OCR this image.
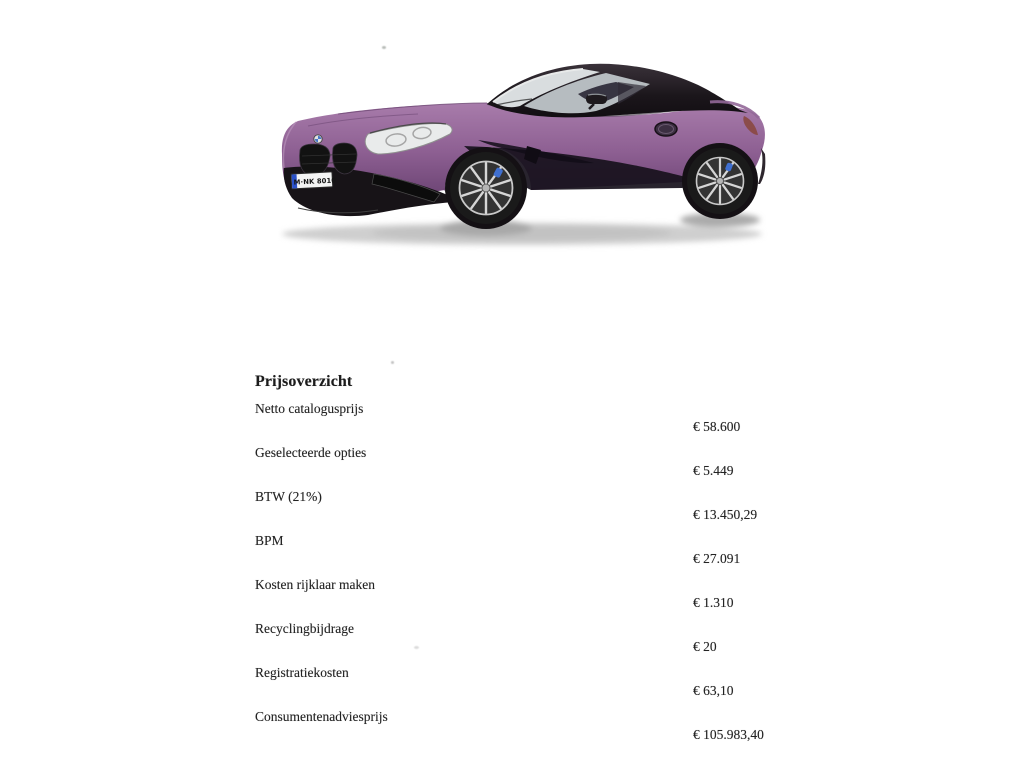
M·NK 8010
Prijsoverzicht
Netto catalogusprijs
€ 58.600
Geselecteerde opties
€ 5.449
BTW (21%)
€ 13.450,29
BPM
€ 27.091
Kosten rijklaar maken
€ 1.310
Recyclingbijdrage
€ 20
Registratiekosten
€ 63,10
Consumentenadviesprijs
€ 105.983,40
